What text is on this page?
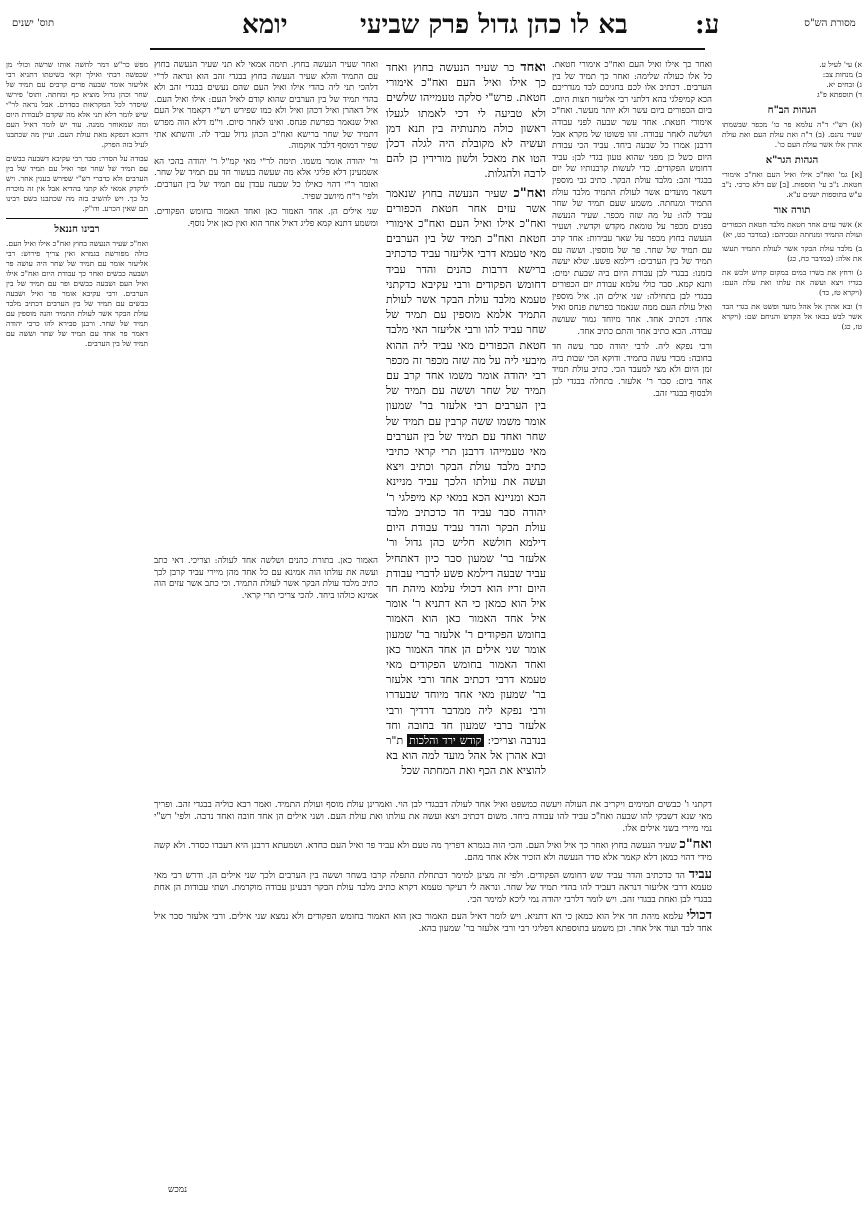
תוס' ישנים	יומא	בא לו כהן גדול פרק שביעי	ע:	מסורת הש"ס
מפש כר"ש דמר לחשה אותו שרשה וכולי מן שכפשה רבתי ואילך וקאי בשיטתו דתניא רבי אליעזר אומר שבעה פרים קרבים עם תמיד של שחר וכהן גדול מוציא כף ומחתה. ותוס' פירשו שיסדר לכל המקראות כסדרם. אבל נראה לר"י שיש לומר דלא תני אלא מה שקדם לעבודת היום ומה שמאוחר ממנה. עוד יש לומר דאיל העם דהכא דנפקא מאת עולת העם. ועיין מה שכתבנו לעיל בזה הפרק.
עבודה על הסדר: סבר רבי עקיבא דשבעה כבשים עם תמיד של שחר ופר ואיל עם תמיד של בין הערבים ולא כדברי רש"י שפירש בענין אחר. ויש לדקדק אמאי לא קתני בהדיא אבל אין זה מוכרח כל כך. ויש להשיב בזה מה שכתבנו בשם רבינו תם שאין הכרע. ודו"ק.
רבינו חננאל
ואח"כ שעיר הנעשה בחוץ ואח"כ אילו ואיל העם. כולה מפורשת בגמרא ואין צריך פירוש: רבי אליעזר אומר עם תמיד של שחר היה עושה פר ושבעה כבשים ואחר כך עבודת היום ואח"כ אילו ואיל העם ושבעה כבשים ופר עם תמיד של בין הערבים. ורבי עקיבא אומר פר ואיל ושבעה כבשים עם תמיד של בין הערבים דכתיב מלבד עולת הבקר אשר לעולת התמיד והנה מוספין עם תמיד של שחר. ורבנן סבירא להו כרבי יהודה דאמר פר אחד עם תמיד של שחר וששה עם תמיד של בין הערבים.
ואחר שעיר הנעשה בחוץ. תימה אמאי לא תני שעיר הנעשה בחוץ עם התמיד והלא שעיר הנעשה בחוץ בבגדי זהב הוא ונראה לר"י דלהכי תני ליה בהדי אילו ואיל העם שהם נעשים בבגדי זהב ולא בהדי תמיד של בין הערבים שהוא קודם לאיל העם: אילו ואיל העם. איל דאהרן ואיל דכהן ואיל ולא כמו שפירש רש"י דקאמר איל העם ואיל שנאמר בפרשת פנחס. ואינו לאחר סיום. וי"מ דלא הוה מפרש דתמיד של שחר ברישא ואח"כ הכהן גדול עביד לה. והשתא אתי שפיר דמוסף דלבר אוקמוה.
ור' יהודה אומר משמו. תימה לר"י מאי קמ"ל ר' יהודה בהכי הא אשמעינן דלא פליגי אלא מה שעשה בעשור חד עם תמיד של שחר. ואומר ר"י דהוי כאילו כל שבעה עבדן עם תמיד של בין הערבים. ולפי' ר"ח מיושב שפיר.
שני אילים הן. אחד האמור כאן ואחד האמור בחומש הפקודים. ומשמע דתנא קמא פליג דאיל אחד הוא ואין כאן איל נוסף.
ואחד כר שעיר הנעשה בחוץ ואחד כך אילו ואיל העם ואח"כ אימורי חטאת. פרש"י סלקה טעמייהו שלשים ולא טביעה לי דכי לאמתו לגעלו ראשון כולה מתנותיה בין תנא דמן ועשיה לא מקובלת היה לגלה דכלן הטו את מאכל ולשון מורידין כן להם לרבה ולהגלות.
ואח"כ שעיר הנעשה בחוץ שנאמר אשר עזים אחר חטאת הכפורים ואח"כ אילו ואיל העם ואח"כ אימורי חטאת ואח"כ תמיד של בין הערבים מאי טעמא דרבי אליעזר עביד כדכתיב ברישא דרבות כהנים והדר עביד דחומש הפקודים ורבי עקיבא כדקתני טעמא מלבד עולת הבקר אשר לעולת התמיד אלמא מוספין עם תמיד של שחר עביד להו ורבי אליעזר האי מלבד חטאת הכפורים מאי עביד ליה ההוא מיבעי ליה על מה שזה מכפר זה מכפר רבי יהודה אומר משמו אחד קרב עם תמיד של שחר וששה עם תמיד של בין הערבים רבי אלעזר בר' שמעון אומר משמו ששה קרבין עם תמיד של שחר ואחד עם תמיד של בין הערבים מאי טעמייהו דרבנן תרי קראי כתיבי כתיב מלבד עולת הבקר וכתיב ויצא ועשה את עולתו הלכך עביד מניינא הכא ומניינא הכא במאי קא מיפלגי ר' יהודה סבר עביד חד כדכתיב מלבד עולת הבקר והדר עביד עבודת היום דילמא חולשא חליש כהן גדול ור' אלעזר בר' שמעון סבר כיון דאתחיל עביד שבעה דילמא פשע לדברי עבודת היום זריז הוא דכולי עלמא מיהת חד איל הוא כמאן כי הא דתניא ר' אומר איל אחד האמור כאן הוא האמור בחומש הפקודים ר' אלעזר בר' שמעון אומר שני אילים הן אחד האמור כאן ואחד האמור בחומש הפקודים מאי טעמא דרבי דכתיב אחד ורבי אלעזר בר' שמעון מאי אחד מיוחד שבעדרו ורבי נפקא ליה ממדבר דרדיך ורבי אלעזר ברבי שמעון חד בחובה וחד בנדבה וצריכי: קודש ירד והלכות ת"ר ובא אהרן אל אהל מועד למה הוא בא להוציא את הכף ואת המחתה שכל
ואחר כך אילו ואיל העם ואח"כ אימורי חטאת. כל אלו כעולה שלימה: ואחר כך תמיד של בין הערבים. דכתיב אלו לכם בחגיכם לבד מנדריכם הכא קמיפלגי בהא דלתני רבי אליעזר חצות היום. ביום הכפורים ביום עשר ולא יותר מעשר. ואח"כ אימורי חטאת. אחד עשר שבעה לפני עבודה ושלשה לאחר עבודה. זהו פשוטו של מקרא אבל דרבנן אמרו כל שבעה ביחד. עביד הכי עבודת היום כשל כן מפני שהוא טעון בגדי לבן: עביד דחומש הפקודים. כדי לעשות קרבנותיו של יום בבגדי זהב: מלבד עולת הבקר. כתיב גבי מוספין דשאר מועדים אשר לעולת התמיד מלבד עולת התמיד ומנחתה. משמע שעם תמיד של שחר עביד להו: על מה שזה מכפר. שעיר הנעשה בפנים מכפר על טומאת מקדש וקדשיו. ושעיר הנעשה בחוץ מכפר על שאר עבירות: אחד קרב עם תמיד של שחר. פר של מוספין. וששה עם תמיד של בין הערבים: דילמא פשע. שלא יעשה בזמנו: בבגדי לבן עבודת היום ביה שבעת ימים: ותנא קמא. סבר כולי עלמא עבודת יום הכפורים בבגדי לבן בתחילה: שני אילים הן. איל מוספין ואיל עולת העם ממה שנאמר בפרשת פנחס ואיל אחד: דכתיב אחד. אחד מיוחד גמור שעושה עבודה. הכא כתיב אחד והתם כתיב אחד.
ורבי נפקא ליה. לרבי יהודה סבר עשה חד בחובה: מכדי עשה בתמיד. ודוקא הכי שבות ביה זמן היום ולא מצי למעבד הכי. כתיב עולת תמיד אחד ביום: סבר ר' אלעזר. בתחלה בבגדי לבן ולבסוף בבגדי זהב.
האמור כאן. בתורת כהנים ושלשה אחד לעולה: וצריכי. דאי כתב ועשה את עולתו הוה אמינא עם כל אחד מהן מיירי עביד קרבן לכך כתיב מלבד עולת הבקר אשר לעולת התמיד. וכי כתב אשר עזים הוה אמינא כולהו ביחד. להכי צריכי תרי קראי.
דקתני ו' כבשים תמימים ויקריב את העולה ויעשה כמשפט ואיל אחד לעולה דבבגדי לבן הוי. ואמרינן עולת מוסף ועולת התמיד. ואמר רבא כוליה בבגדי זהב. ופריך מאי שנא דשבקי להו שבעה ואח"כ עביד להו עבודה ביחד. משום דכתיב ויצא ועשה את עולתו ואת עולת העם. ושני אילים הן אחד חובה ואחד נדבה. ולפי' רש"י נמי מיירי בשני אילים אלו.
ואח"כ שעיר הנעשה בחוץ ואחר כך איל ואיל העם. והכי הוה בגמרא דפריך מה טעם ולא עביד פר ואיל העם כחדא. ושמעתא דרבנן היא דעבדו כסדר. ולא קשה מידי דהוי כמאן דלא קאמר אלא סדר הנעשה ולא הזכיר אלא אחד מהם.
עביד הד כדכתיב והדר עביד שש דחומש הפקודים. ולפי זה מצינן למימר דבתחלת התפלה קרבו בשחר וששה בין הערבים ולכך שני אילים הן. ודרש רבי מאי טעמא דרבי אליעזר דנראה דעביד להו בהדי תמיד של שחר. ונראה לי דעיקר טעמא דקרא כתיב מלבד עולת הבקר דבעינן עבודה מוקדמת. ושתי עבודות הן אחת בבגדי לבן ואחת בבגדי זהב. ויש לומר דלרבי יהודה נמי ליכא למימר הכי.
דכולי עלמא מיהת חד איל הוא כמאן כי הא דתניא. ויש לומר דאיל העם האמור כאן הוא האמור בחומש הפקודים ולא נמצא שני אילים. ורבי אלעזר סבר איל אחד לבד ועוד איל אחר. וכן משמע בתוספתא דפליגי רבי ורבי אלעזר בר' שמעון בהא.
א) עי' לעיל ע.
ב) מנחות צב:
ג) זבחים יא.
ד) תוספתא פ"ג
הגהות הב"ח
(א) רש"י ד"ה עלמא פר כו' מכפר שבשמתו שעיר נהנס. (ב) ד"ה ואת עולת העם ואת עולת אהרן אלו אשר עולת העם כו'.
הגהות הגר"א
[א] גמ' ואח"כ אילו ואיל העם ואח"כ אימורי חטאת. נ"ב עי' תוספות. [ב] שם דלא כרבי. נ"ב ע"ש בתוספות ישנים ע"א.
תורה אור
א) אשר עזים אחד חטאת מלבד חטאת הכפורים ועולת התמיד ומנחתה ונסכיהם: (במדבר כט, יא)
ב) מלבד עולת הבקר אשר לעולת התמיד תעשו את אלה: (במדבר כח, כג)
ג) ורחץ את בשרו במים במקום קדוש ולבש את בגדיו ויצא ועשה את עלתו ואת עלת העם: (ויקרא טז, כד)
ד) ובא אהרן אל אהל מועד ופשט את בגדי הבד אשר לבש בבאו אל הקדש והניחם שם: (ויקרא טז, כג)
נמכש
